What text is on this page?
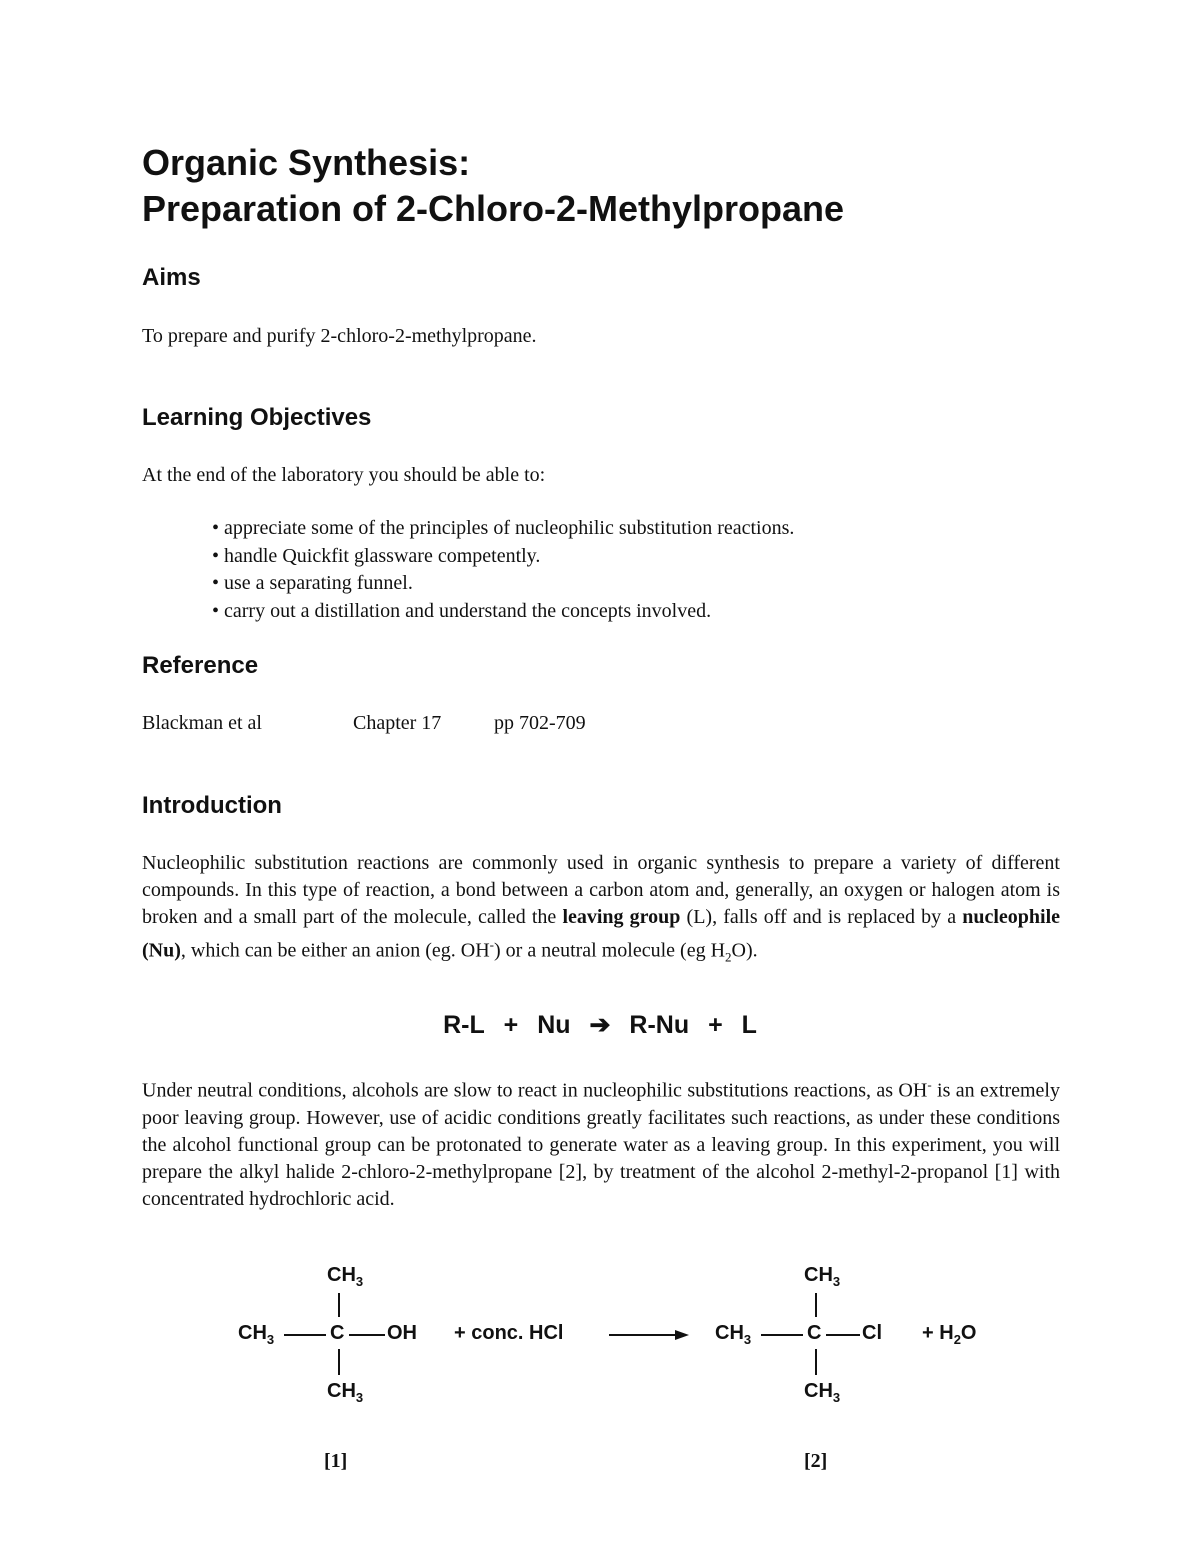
Organic Synthesis:
Preparation of 2-Chloro-2-Methylpropane
Aims
To prepare and purify 2-chloro-2-methylpropane.
Learning Objectives
At the end of the laboratory you should be able to:
• appreciate some of the principles of nucleophilic substitution reactions.
• handle Quickfit glassware competently.
• use a separating funnel.
• carry out a distillation and understand the concepts involved.
Reference
Blackman et al	Chapter 17	pp 702-709
Introduction
Nucleophilic substitution reactions are commonly used in organic synthesis to prepare a variety of different compounds. In this type of reaction, a bond between a carbon atom and, generally, an oxygen or halogen atom is broken and a small part of the molecule, called the leaving group (L), falls off and is replaced by a nucleophile (Nu), which can be either an anion (eg. OH-) or a neutral molecule (eg $H_2O$).
R-L + Nu ➔ R-Nu + L
Under neutral conditions, alcohols are slow to react in nucleophilic substitutions reactions, as OH- is an extremely poor leaving group. However, use of acidic conditions greatly facilitates such reactions, as under these conditions the alcohol functional group can be protonated to generate water as a leaving group. In this experiment, you will prepare the alkyl halide 2-chloro-2-methylpropane [2], by treatment of the alcohol 2-methyl-2-propanol [1] with concentrated hydrochloric acid.
$CH_3$
$CH_3$	C OH
$CH_3$
+ conc. HCl
$CH_3$
$CH_3$	C Cl
$CH_3$
+ $H_2O$
[1]	[2]
